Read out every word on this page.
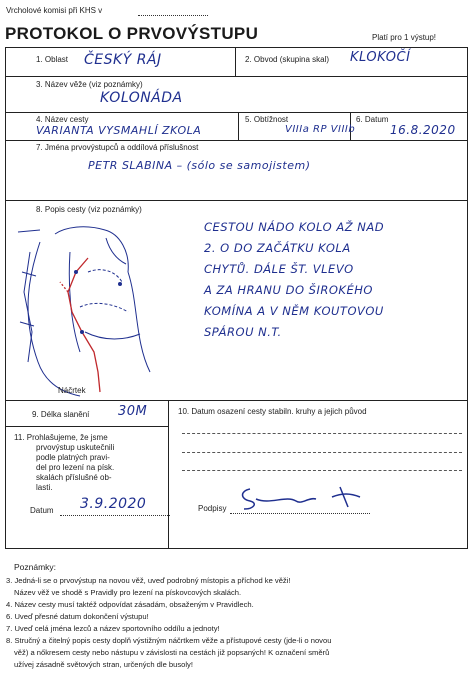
Vrcholové komisi při KHS v
PROTOKOL O PRVOVÝSTUPU	Platí pro 1 výstup!
1. Oblast ČESKÝ RÁJ	2. Obvod (skupina skal) KLOKOČÍ
3. Název věže (viz poznámky)
KOLONÁDA
4. Název cesty
VARIANTA VYSMAHLÍ ZKOLA
5. Obtížnost
VIIIa RP VIIIb
6. Datum
16.8.2020
7. Jména prvovýstupců a oddílová příslušnost
PETR SLABINA – (sólo se samojistem)
8. Popis cesty (viz poznámky)
Náčrtek
CESTOU NÁDO KOLO AŽ NAD
2. O DO ZAČÁTKU KOLA
CHYTŮ. DÁLE ŠT. VLEVO
A ZA HRANU DO ŠIROKÉHO
KOMÍNA A V NĚM KOUTOVOU
SPÁROU N.T.
9. Délka slanění 30M	10. Datum osazení cesty stabiln. kruhy a jejich původ
11. Prohlašujeme, že jsme
prvovýstup uskutečnili
podle platných pravi-
del pro lezení na písk.
skalách příslušné ob-
lasti.
Datum 3.9.2020	Podpisy
Poznámky:
3. Jedná-li se o prvovýstup na novou věž, uveď podrobný místopis a příchod ke věži!
Název věž ve shodě s Pravidly pro lezení na pískovcových skalách.
4. Název cesty musí taktéž odpovídat zásadám, obsaženým v Pravidlech.
6. Uveď přesné datum dokončení výstupu!
7. Uveď celá jména lezců a název sportovního oddílu a jednoty!
8. Stručný a čitelný popis cesty doplň výstižným náčrtkem věže a přístupové cesty (jde-li o novou
věž) a nőkresem cesty nebo nástupu v závislosti na cestách již popsaných! K označení směrů
užívej zásadně světových stran, určených dle busoly!
